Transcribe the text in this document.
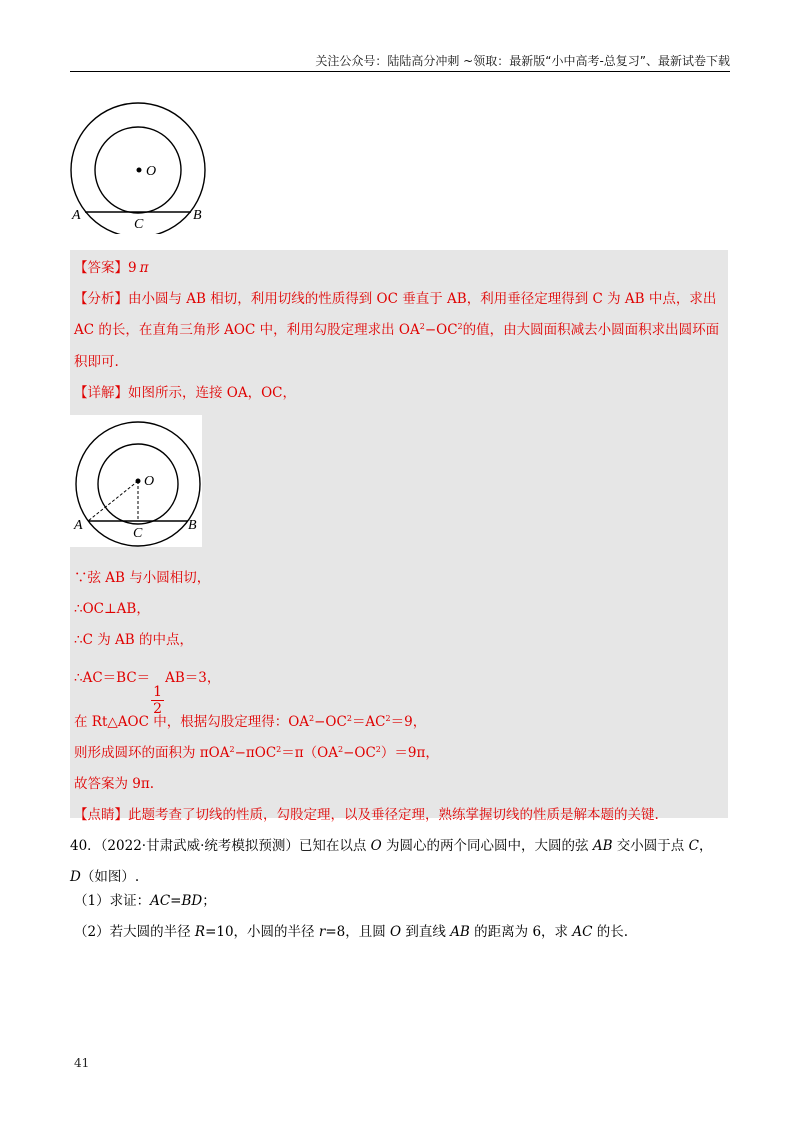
关注公众号：陆陆高分冲刺 ~领取：最新版“小中高考-总复习”、最新试卷下载
O
A	B
C
【答案】9 π
【分析】由小圆与 AB 相切，利用切线的性质得到 OC 垂直于 AB，利用垂径定理得到 C 为 AB 中点，求出
AC 的长，在直角三角形 AOC 中，利用勾股定理求出 $OA^2-OC^2$的值，由大圆面积减去小圆面积求出圆环面
积即可.
【详解】如图所示，连接 OA，OC，
O
A	B
C
∵弦 AB 与小圆相切，
∴OC⊥AB，
∴C 为 AB 的中点，
∴AC＝BC＝
$\frac{1}{2}$
AB＝3，
在 Rt△AOC 中，根据勾股定理得：$OA^2-OC^2=AC^2=9$，
则形成圆环的面积为 $\pi OA^2-\pi OC^2=\pi(OA^2-OC^2)=9\pi$，
故答案为 9π.
【点睛】此题考查了切线的性质，勾股定理，以及垂径定理，熟练掌握切线的性质是解本题的关键.
40．（2022·甘肃武威·统考模拟预测）已知在以点 O 为圆心的两个同心圆中，大圆的弦 AB 交小圆于点 C，
D（如图）.
（1）求证：AC=BD；
（2）若大圆的半径 R=10，小圆的半径 r=8，且圆 O 到直线 AB 的距离为 6，求 AC 的长.
41
